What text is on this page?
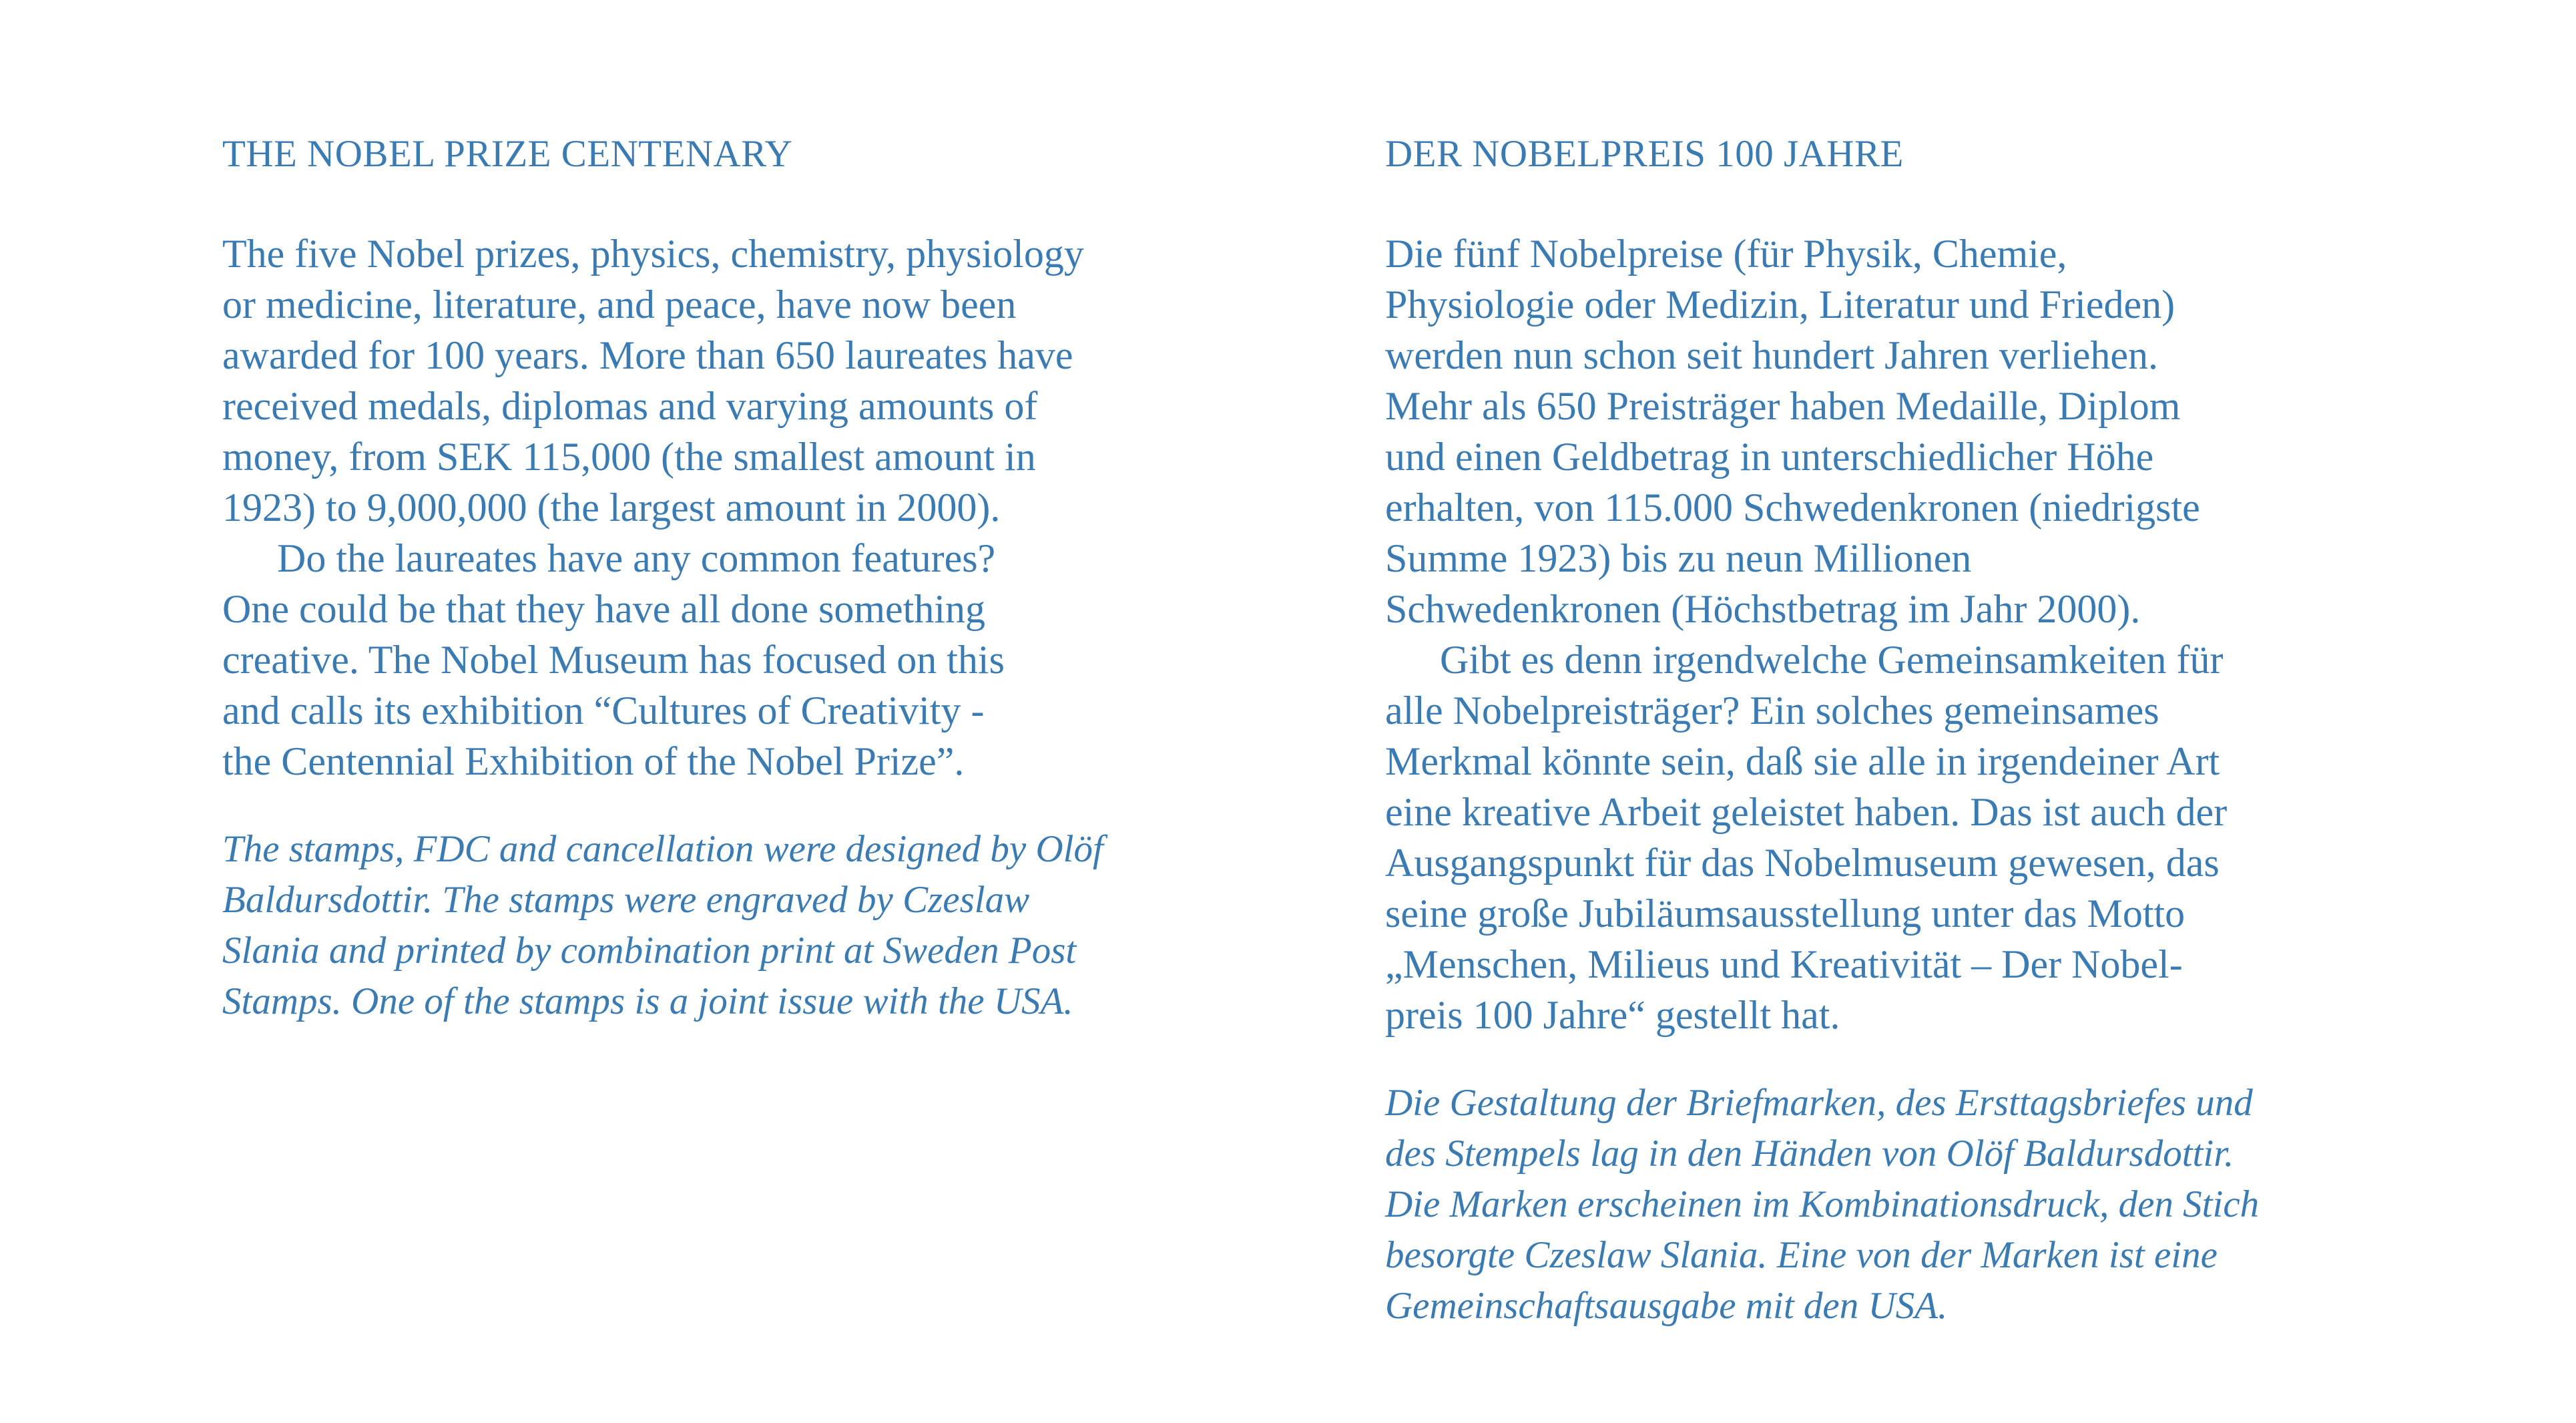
THE NOBEL PRIZE CENTENARY

The five Nobel prizes, physics, chemistry, physiology
or medicine, literature, and peace, have now been
awarded for 100 years. More than 650 laureates have
received medals, diplomas and varying amounts of
money, from SEK 115,000 (the smallest amount in
1923) to 9,000,000 (the largest amount in 2000).

Do the laureates have any common features?
One could be that they have all done something
creative. The Nobel Museum has focused on this
and calls its exhibition “Cultures of Creativity -
the Centennial Exhibition of the Nobel Prize”.

The stamps, FDC and cancellation were designed by Olöf
Baldursdottir. The stamps were engraved by Czeslaw
Slania and printed by combination print at Sweden Post
Stamps. One of the stamps is a joint issue with the USA.

DER NOBELPREIS 100 JAHRE

Die fünf Nobelpreise (für Physik, Chemie,
Physiologie oder Medizin, Literatur und Frieden)
werden nun schon seit hundert Jahren verliehen.
Mehr als 650 Preisträger haben Medaille, Diplom
und einen Geldbetrag in unterschiedlicher Höhe
erhalten, von 115.000 Schwedenkronen (niedrigste
Summe 1923) bis zu neun Millionen
Schwedenkronen (Höchstbetrag im Jahr 2000).

Gibt es denn irgendwelche Gemeinsamkeiten für
alle Nobelpreisträger? Ein solches gemeinsames
Merkmal könnte sein, daß sie alle in irgendeiner Art
eine kreative Arbeit geleistet haben. Das ist auch der
Ausgangspunkt für das Nobelmuseum gewesen, das
seine große Jubiläumsausstellung unter das Motto
„Menschen, Milieus und Kreativität – Der Nobel-
preis 100 Jahre“ gestellt hat.

Die Gestaltung der Briefmarken, des Ersttagsbriefes und
des Stempels lag in den Händen von Olöf Baldursdottir.
Die Marken erscheinen im Kombinationsdruck, den Stich
besorgte Czeslaw Slania. Eine von der Marken ist eine
Gemeinschaftsausgabe mit den USA.
